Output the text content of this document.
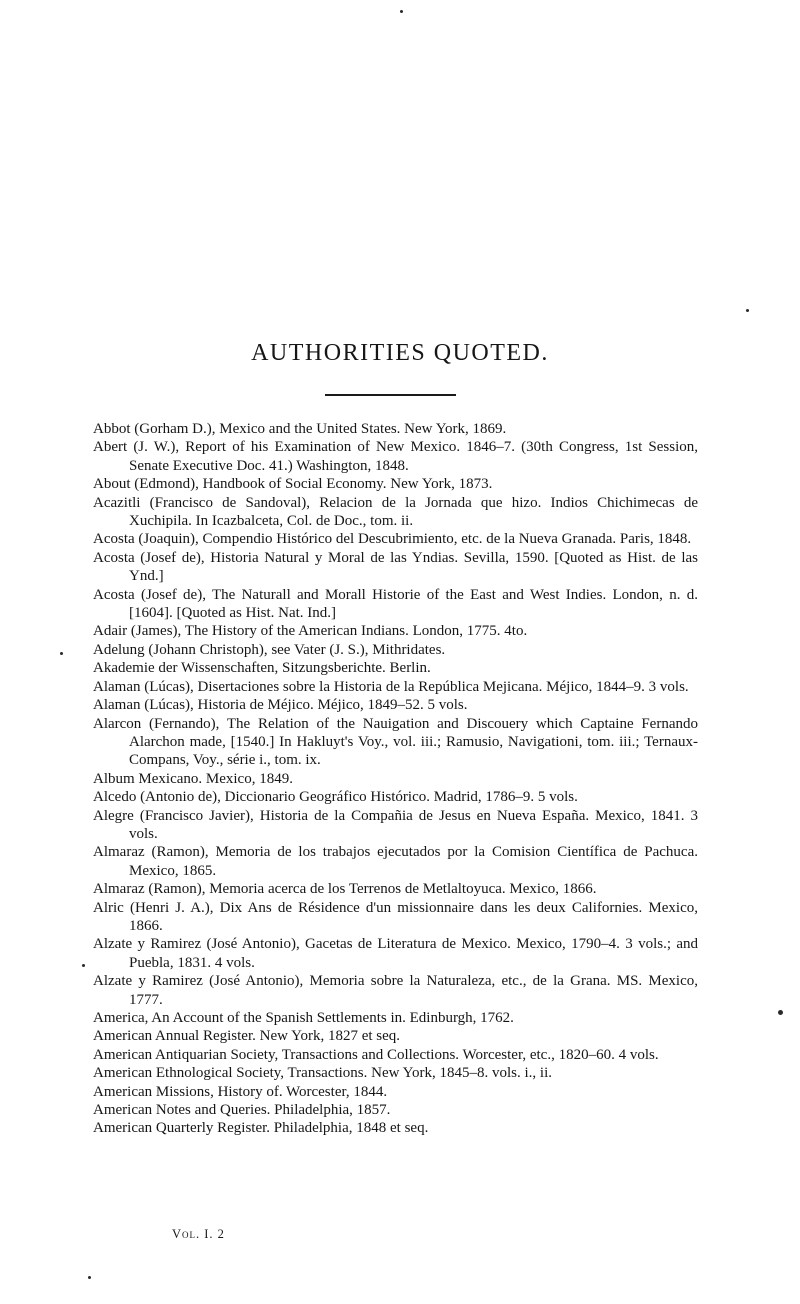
AUTHORITIES QUOTED.
Abbot (Gorham D.), Mexico and the United States. New York, 1869.
Abert (J. W.), Report of his Examination of New Mexico. 1846–7. (30th Congress, 1st Session, Senate Executive Doc. 41.) Washington, 1848.
About (Edmond), Handbook of Social Economy. New York, 1873.
Acazitli (Francisco de Sandoval), Relacion de la Jornada que hizo. Indios Chichimecas de Xuchipila. In Icazbalceta, Col. de Doc., tom. ii.
Acosta (Joaquin), Compendio Histórico del Descubrimiento, etc. de la Nueva Granada. Paris, 1848.
Acosta (Josef de), Historia Natural y Moral de las Yndias. Sevilla, 1590. [Quoted as Hist. de las Ynd.]
Acosta (Josef de), The Naturall and Morall Historie of the East and West Indies. London, n. d. [1604]. [Quoted as Hist. Nat. Ind.]
Adair (James), The History of the American Indians. London, 1775. 4to.
Adelung (Johann Christoph), see Vater (J. S.), Mithridates.
Akademie der Wissenschaften, Sitzungsberichte. Berlin.
Alaman (Lúcas), Disertaciones sobre la Historia de la República Mejicana. Méjico, 1844–9. 3 vols.
Alaman (Lúcas), Historia de Méjico. Méjico, 1849–52. 5 vols.
Alarcon (Fernando), The Relation of the Nauigation and Discouery which Captaine Fernando Alarchon made, [1540.] In Hakluyt's Voy., vol. iii.; Ramusio, Navigationi, tom. iii.; Ternaux-Compans, Voy., série i., tom. ix.
Album Mexicano. Mexico, 1849.
Alcedo (Antonio de), Diccionario Geográfico Histórico. Madrid, 1786–9. 5 vols.
Alegre (Francisco Javier), Historia de la Compañia de Jesus en Nueva España. Mexico, 1841. 3 vols.
Almaraz (Ramon), Memoria de los trabajos ejecutados por la Comision Científica de Pachuca. Mexico, 1865.
Almaraz (Ramon), Memoria acerca de los Terrenos de Metlaltoyuca. Mexico, 1866.
Alric (Henri J. A.), Dix Ans de Résidence d'un missionnaire dans les deux Californies. Mexico, 1866.
Alzate y Ramirez (José Antonio), Gacetas de Literatura de Mexico. Mexico, 1790–4. 3 vols.; and Puebla, 1831. 4 vols.
Alzate y Ramirez (José Antonio), Memoria sobre la Naturaleza, etc., de la Grana. MS. Mexico, 1777.
America, An Account of the Spanish Settlements in. Edinburgh, 1762.
American Annual Register. New York, 1827 et seq.
American Antiquarian Society, Transactions and Collections. Worcester, etc., 1820–60. 4 vols.
American Ethnological Society, Transactions. New York, 1845–8. vols. i., ii.
American Missions, History of. Worcester, 1844.
American Notes and Queries. Philadelphia, 1857.
American Quarterly Register. Philadelphia, 1848 et seq.
Vol. I. 2
